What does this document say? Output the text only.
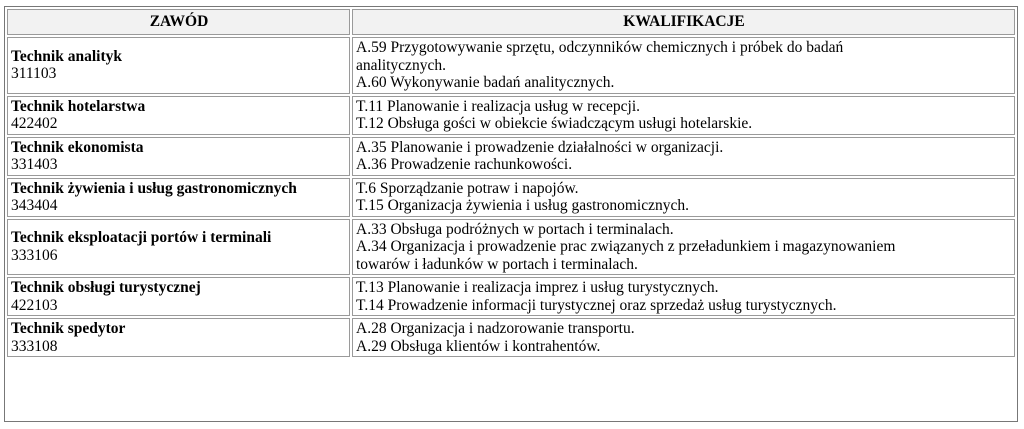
ZAWÓD	KWALIFIKACJE

Technik analityk
311103	A.59 Przygotowywanie sprzętu, odczynników chemicznych i próbek do badań
analitycznych.
A.60 Wykonywanie badań analitycznych.

Technik hotelarstwa
422402	T.11 Planowanie i realizacja usług w recepcji.
T.12 Obsługa gości w obiekcie świadczącym usługi hotelarskie.

Technik ekonomista
331403	A.35 Planowanie i prowadzenie działalności w organizacji.
A.36 Prowadzenie rachunkowości.

Technik żywienia i usług gastronomicznych
343404	T.6 Sporządzanie potraw i napojów.
T.15 Organizacja żywienia i usług gastronomicznych.

Technik eksploatacji portów i terminali
333106	A.33 Obsługa podróżnych w portach i terminalach.
A.34 Organizacja i prowadzenie prac związanych z przeładunkiem i magazynowaniem
towarów i ładunków w portach i terminalach.

Technik obsługi turystycznej
422103	T.13 Planowanie i realizacja imprez i usług turystycznych.
T.14 Prowadzenie informacji turystycznej oraz sprzedaż usług turystycznych.

Technik spedytor
333108	A.28 Organizacja i nadzorowanie transportu.
A.29 Obsługa klientów i kontrahentów.
